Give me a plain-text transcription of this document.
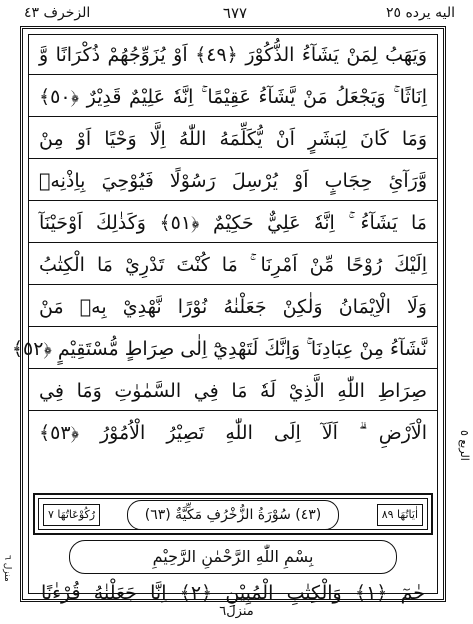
الزخرف ٤٣	٦٧٧	اليه يرده ٢٥
وَيَهَبُ لِمَنْ يَشَآءُ الذُّكُوْرَ ﴿٤٩﴾ اَوْ يُزَوِّجُهُمْ ذُكْرَانًا وَّ
اِنَاثًا ۚ وَيَجْعَلُ مَنْ يَّشَآءُ عَقِيْمًا ۚ اِنَّهٗ عَلِيْمٌ قَدِيْرٌ ﴿٥٠﴾
وَمَا كَانَ لِبَشَرٍ اَنْ يُّكَلِّمَهُ اللّٰهُ اِلَّا وَحْيًا اَوْ مِنْ
وَّرَآئِ حِجَابٍ اَوْ يُرْسِلَ رَسُوْلًا فَيُوْحِيَ بِاِذْنِهٖ
مَا يَشَآءُ ۚ اِنَّهٗ عَلِيٌّ حَكِيْمٌ ﴿٥١﴾ وَكَذٰلِكَ اَوْحَيْنَآ
اِلَيْكَ رُوْحًا مِّنْ اَمْرِنَا ۚ مَا كُنْتَ تَدْرِيْ مَا الْكِتٰبُ
وَلَا الْاِيْمَانُ وَلٰكِنْ جَعَلْنٰهُ نُوْرًا نَّهْدِيْ بِهٖ مَنْ
نَّشَآءُ مِنْ عِبَادِنَا ۚ وَاِنَّكَ لَتَهْدِيْٓ اِلٰى صِرَاطٍ مُّسْتَقِيْمٍ ﴿٥٢﴾
صِرَاطِ اللّٰهِ الَّذِيْ لَهٗ مَا فِي السَّمٰوٰتِ وَمَا فِي
الْاَرْضِ ۗ اَلَآ اِلَى اللّٰهِ تَصِيْرُ الْاُمُوْرُ ﴿٥٣﴾
رُكُوْعَاتُهَا ٧	(٤٣) سُوْرَةُ الزُّخْرُفِ مَكِّيَّةٌ (٦٣)	اٰيَاتُهَا ٨٩
بِسْمِ اللّٰهِ الرَّحْمٰنِ الرَّحِيْمِ
حٰمٓ ﴿١﴾ وَالْكِتٰبِ الْمُبِيْنِ ﴿٢﴾ اِنَّا جَعَلْنٰهُ قُرْءٰنًا
الربع ٥
منزل ٦
منزل٦
